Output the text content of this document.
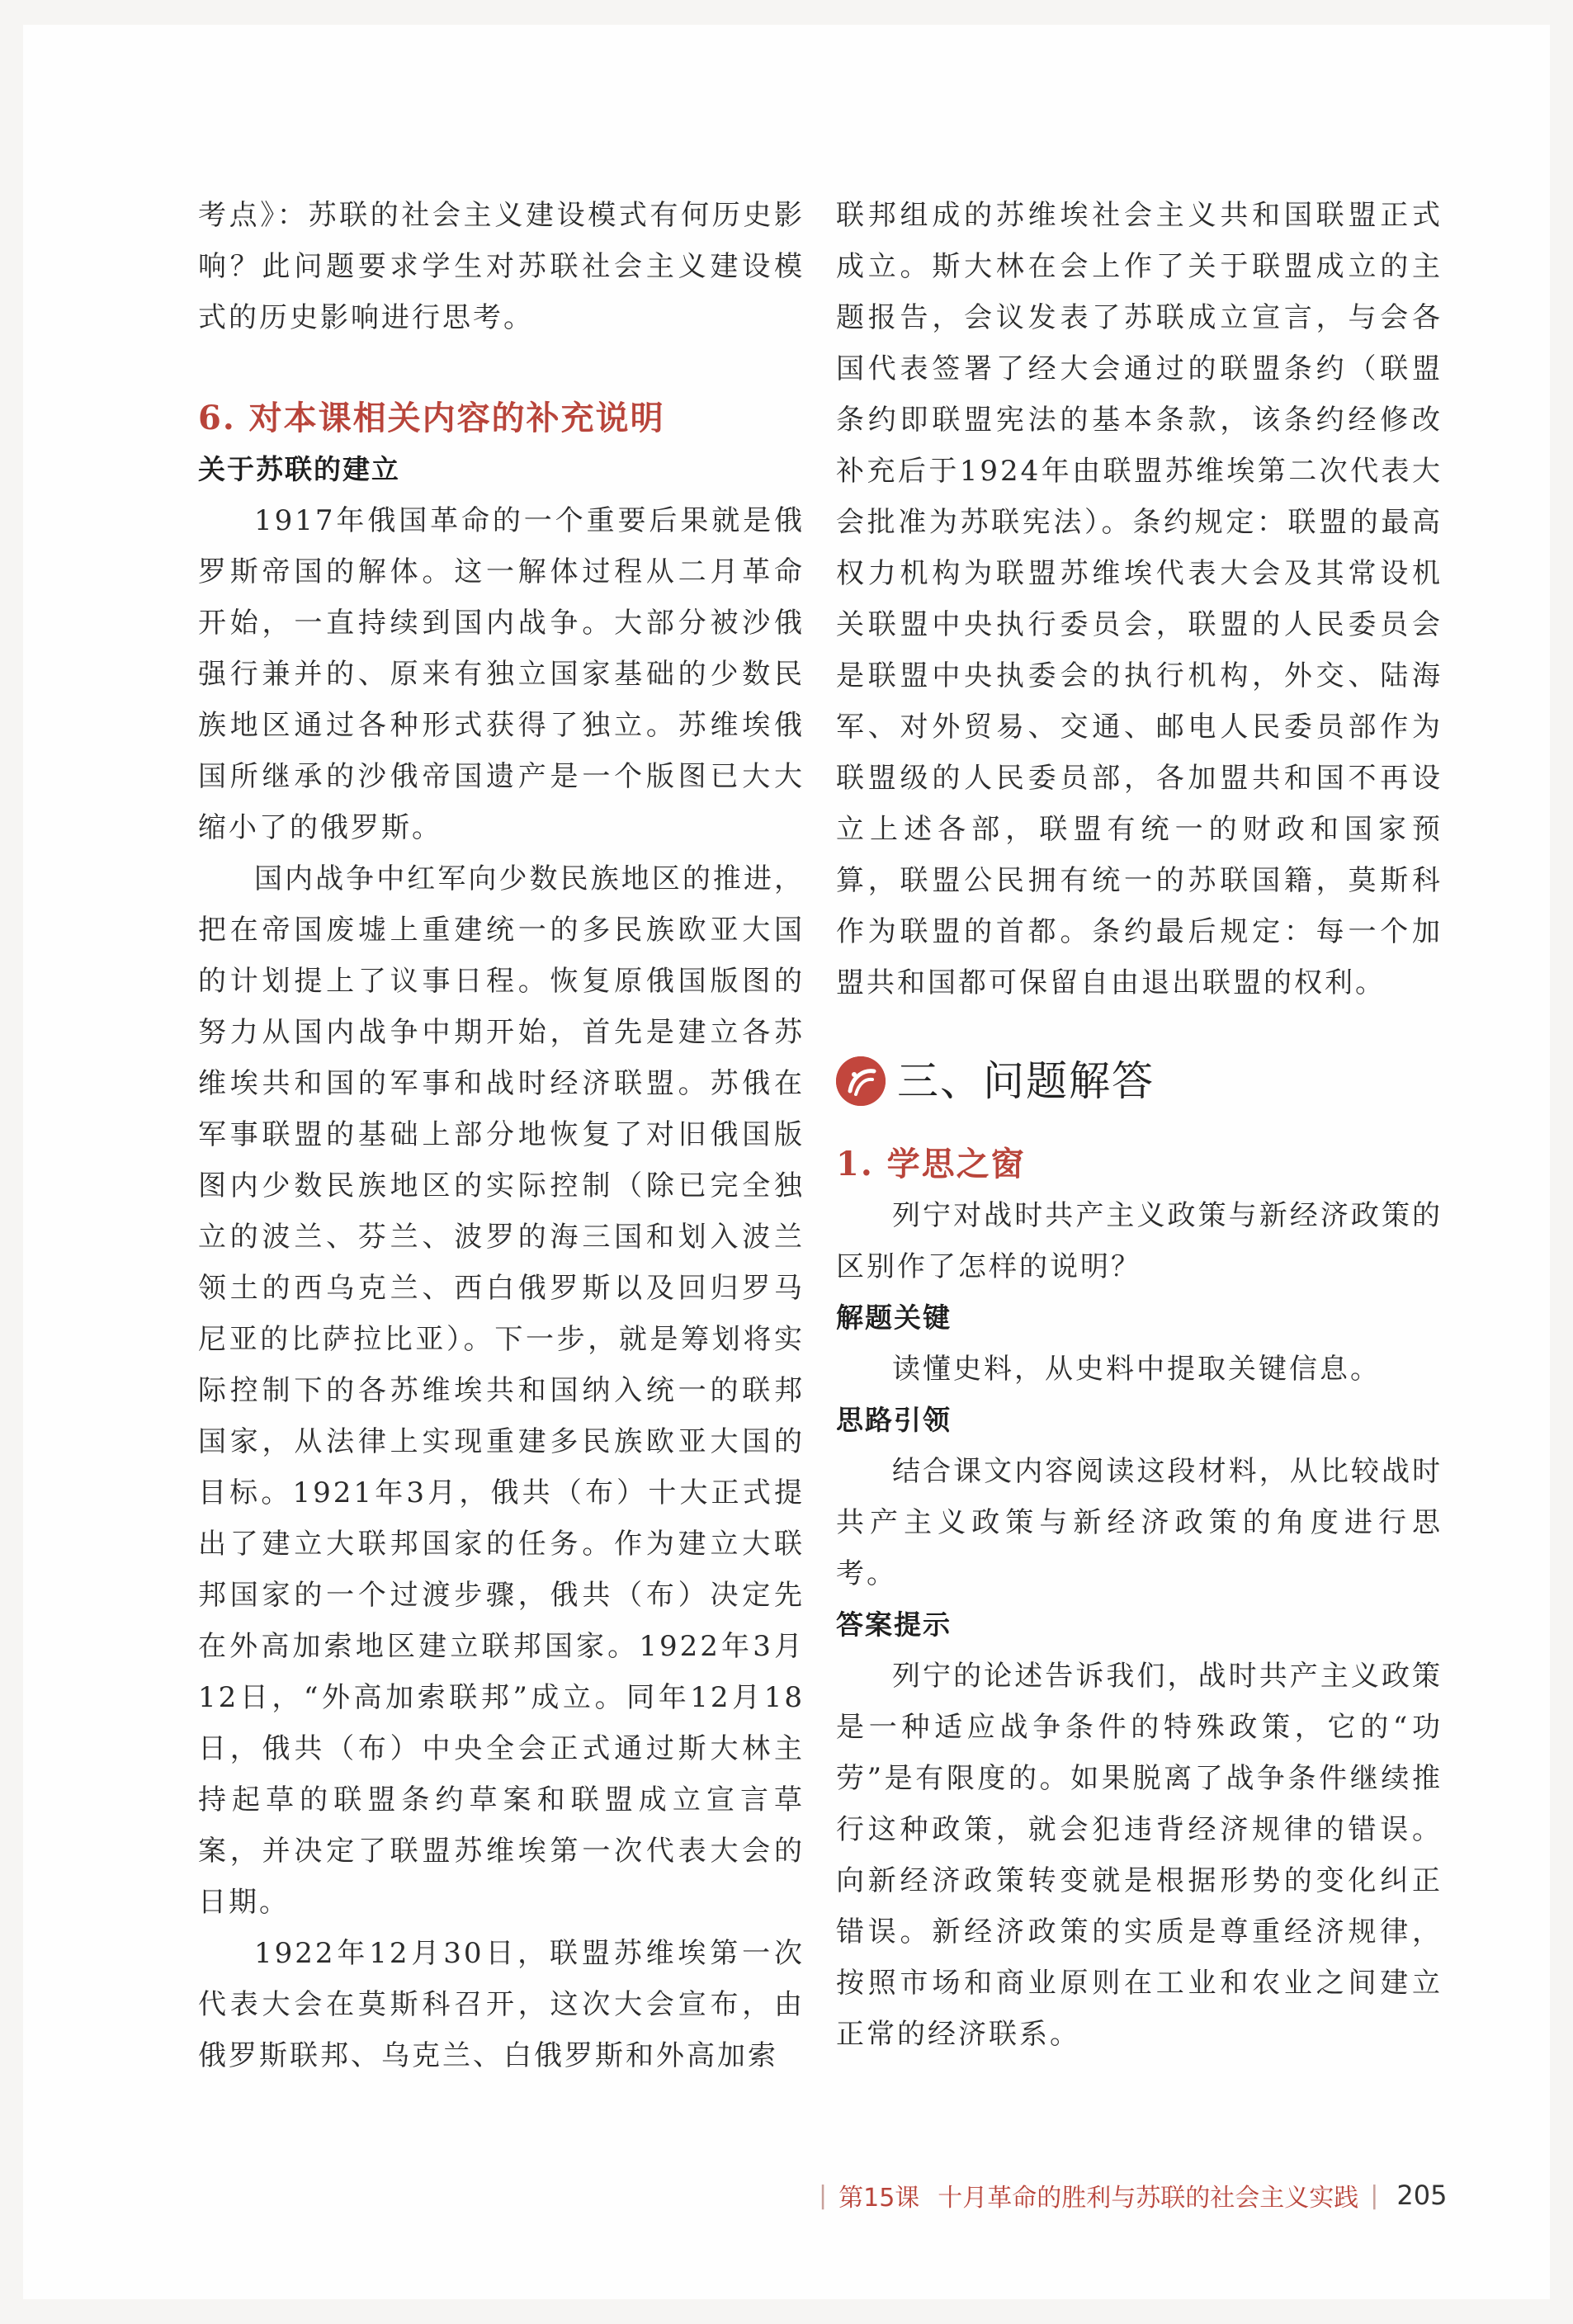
考点》：苏联的社会主义建设模式有何历史影响？此问题要求学生对苏联社会主义建设模式的历史影响进行思考。

6. 对本课相关内容的补充说明

关于苏联的建立

1917年俄国革命的一个重要后果就是俄罗斯帝国的解体。这一解体过程从二月革命开始，一直持续到国内战争。大部分被沙俄强行兼并的、原来有独立国家基础的少数民族地区通过各种形式获得了独立。苏维埃俄国所继承的沙俄帝国遗产是一个版图已大大缩小了的俄罗斯。

国内战争中红军向少数民族地区的推进，把在帝国废墟上重建统一的多民族欧亚大国的计划提上了议事日程。恢复原俄国版图的努力从国内战争中期开始，首先是建立各苏维埃共和国的军事和战时经济联盟。苏俄在军事联盟的基础上部分地恢复了对旧俄国版图内少数民族地区的实际控制（除已完全独立的波兰、芬兰、波罗的海三国和划入波兰领土的西乌克兰、西白俄罗斯以及回归罗马尼亚的比萨拉比亚）。下一步，就是筹划将实际控制下的各苏维埃共和国纳入统一的联邦国家，从法律上实现重建多民族欧亚大国的目标。1921年3月，俄共（布）十大正式提出了建立大联邦国家的任务。作为建立大联邦国家的一个过渡步骤，俄共（布）决定先在外高加索地区建立联邦国家。1922年3月12日，“外高加索联邦”成立。同年12月18日，俄共（布）中央全会正式通过斯大林主持起草的联盟条约草案和联盟成立宣言草案，并决定了联盟苏维埃第一次代表大会的日期。

1922年12月30日，联盟苏维埃第一次代表大会在莫斯科召开，这次大会宣布，由俄罗斯联邦、乌克兰、白俄罗斯和外高加索

联邦组成的苏维埃社会主义共和国联盟正式成立。斯大林在会上作了关于联盟成立的主题报告，会议发表了苏联成立宣言，与会各国代表签署了经大会通过的联盟条约（联盟条约即联盟宪法的基本条款，该条约经修改补充后于1924年由联盟苏维埃第二次代表大会批准为苏联宪法）。条约规定：联盟的最高权力机构为联盟苏维埃代表大会及其常设机关联盟中央执行委员会，联盟的人民委员会是联盟中央执委会的执行机构，外交、陆海军、对外贸易、交通、邮电人民委员部作为联盟级的人民委员部，各加盟共和国不再设立上述各部，联盟有统一的财政和国家预算，联盟公民拥有统一的苏联国籍，莫斯科作为联盟的首都。条约最后规定：每一个加盟共和国都可保留自由退出联盟的权利。

三、问题解答

1. 学思之窗

列宁对战时共产主义政策与新经济政策的区别作了怎样的说明？

解题关键

读懂史料，从史料中提取关键信息。

思路引领

结合课文内容阅读这段材料，从比较战时共产主义政策与新经济政策的角度进行思考。

答案提示

列宁的论述告诉我们，战时共产主义政策是一种适应战争条件的特殊政策，它的“功劳”是有限度的。如果脱离了战争条件继续推行这种政策，就会犯违背经济规律的错误。向新经济政策转变就是根据形势的变化纠正错误。新经济政策的实质是尊重经济规律，按照市场和商业原则在工业和农业之间建立正常的经济联系。

| 第15课 十月革命的胜利与苏联的社会主义实践 | 205
